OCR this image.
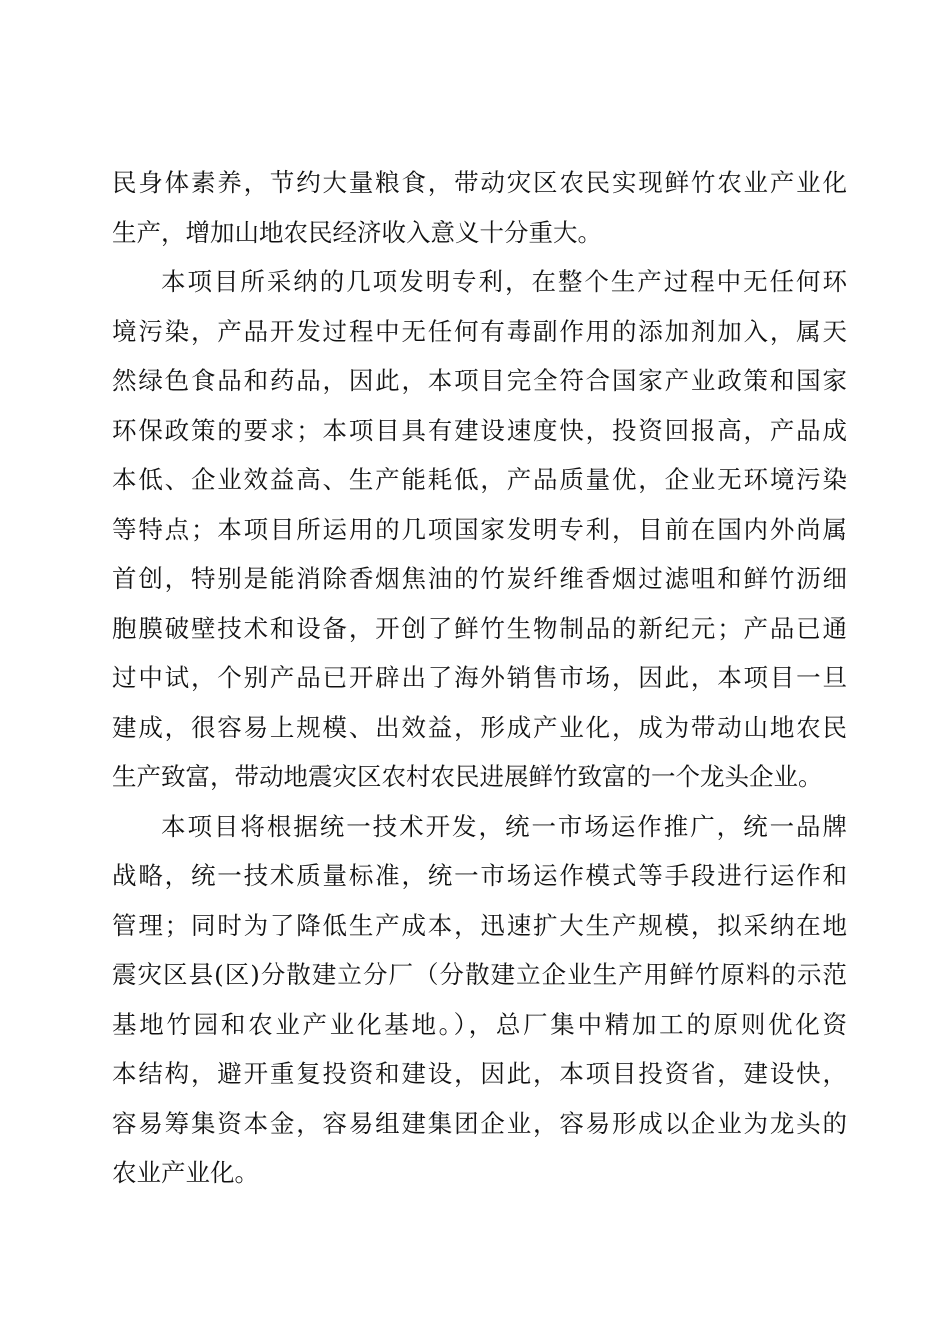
民身体素养，节约大量粮食，带动灾区农民实现鲜竹农业产业化
生产，增加山地农民经济收入意义十分重大。
本项目所采纳的几项发明专利，在整个生产过程中无任何环
境污染，产品开发过程中无任何有毒副作用的添加剂加入，属天
然绿色食品和药品，因此，本项目完全符合国家产业政策和国家
环保政策的要求；本项目具有建设速度快，投资回报高，产品成
本低、企业效益高、生产能耗低，产品质量优，企业无环境污染
等特点；本项目所运用的几项国家发明专利，目前在国内外尚属
首创，特别是能消除香烟焦油的竹炭纤维香烟过滤咀和鲜竹沥细
胞膜破壁技术和设备，开创了鲜竹生物制品的新纪元；产品已通
过中试，个别产品已开辟出了海外销售市场，因此，本项目一旦
建成，很容易上规模、出效益，形成产业化，成为带动山地农民
生产致富，带动地震灾区农村农民进展鲜竹致富的一个龙头企业。
本项目将根据统一技术开发，统一市场运作推广，统一品牌
战略，统一技术质量标准，统一市场运作模式等手段进行运作和
管理；同时为了降低生产成本，迅速扩大生产规模，拟采纳在地
震灾区县(区)分散建立分厂（分散建立企业生产用鲜竹原料的示范
基地竹园和农业产业化基地。），总厂集中精加工的原则优化资
本结构，避开重复投资和建设，因此，本项目投资省，建设快，
容易筹集资本金，容易组建集团企业，容易形成以企业为龙头的
农业产业化。
